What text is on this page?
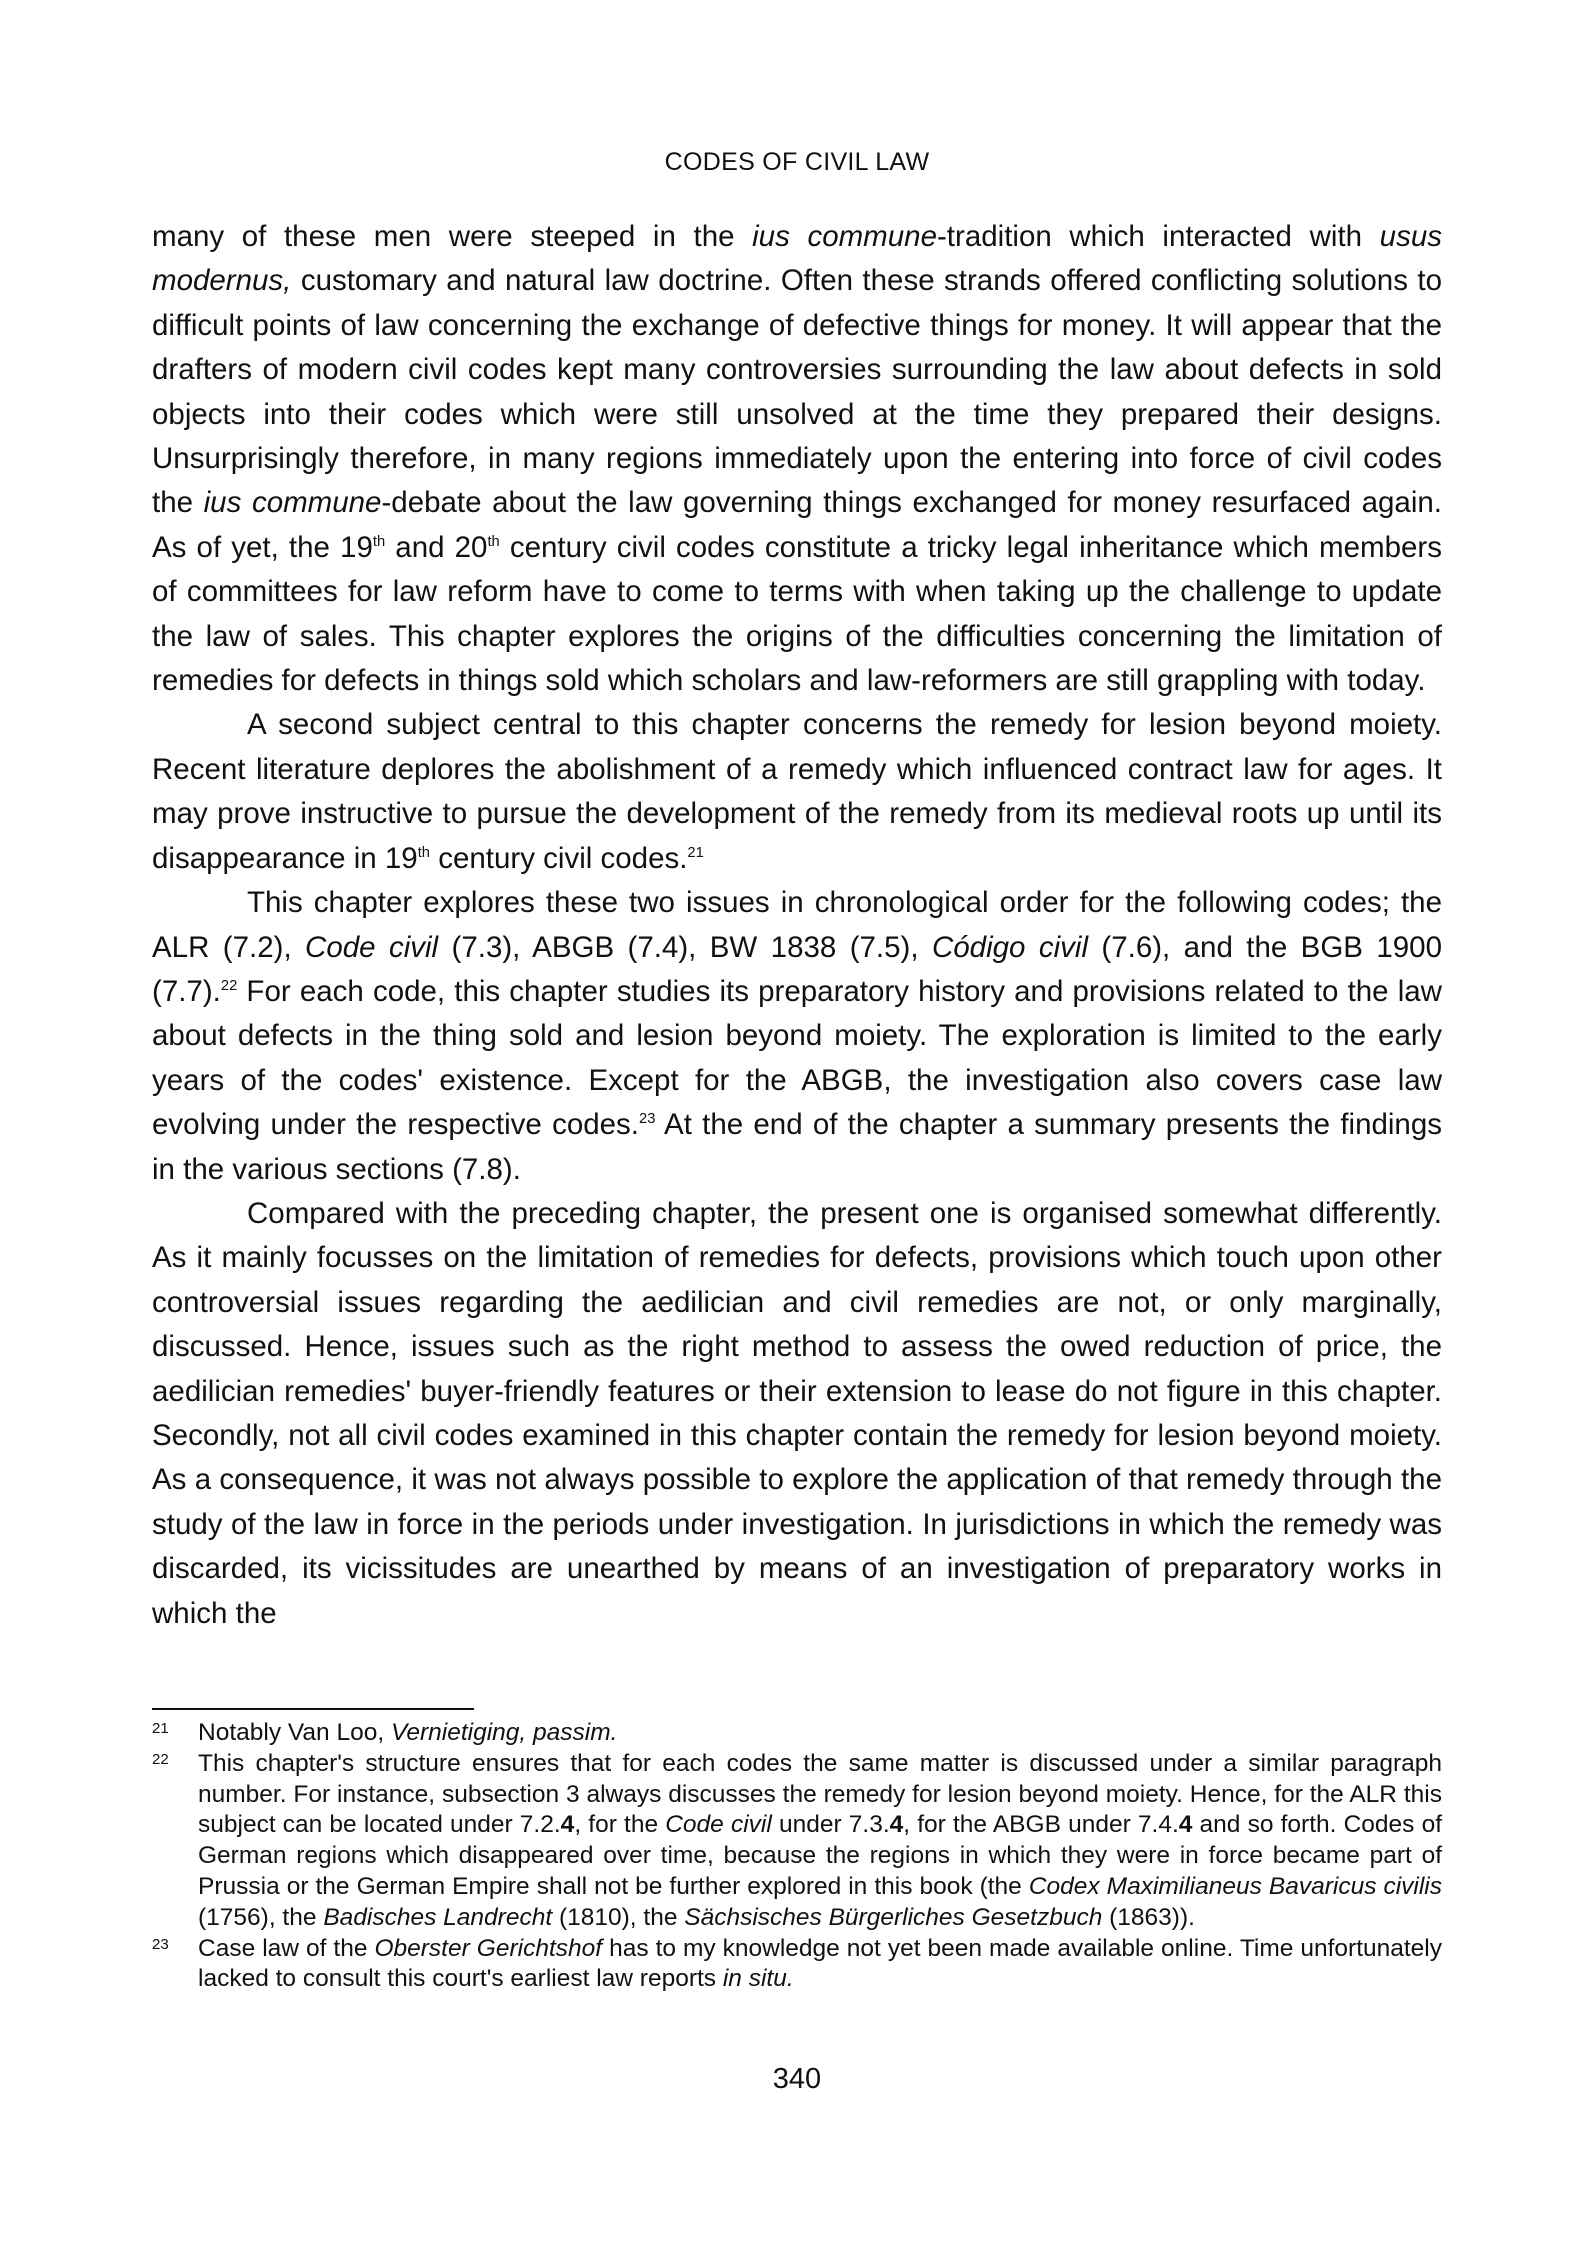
CODES OF CIVIL LAW

many of these men were steeped in the ius commune-tradition which interacted with usus modernus, customary and natural law doctrine. Often these strands offered conflicting solutions to difficult points of law concerning the exchange of defective things for money. It will appear that the drafters of modern civil codes kept many controversies surrounding the law about defects in sold objects into their codes which were still unsolved at the time they prepared their designs. Unsurprisingly therefore, in many regions immediately upon the entering into force of civil codes the ius commune-debate about the law governing things exchanged for money resurfaced again. As of yet, the 19th and 20th century civil codes constitute a tricky legal inheritance which members of committees for law reform have to come to terms with when taking up the challenge to update the law of sales. This chapter explores the origins of the difficulties concerning the limitation of remedies for defects in things sold which scholars and law-reformers are still grappling with today.

A second subject central to this chapter concerns the remedy for lesion beyond moiety. Recent literature deplores the abolishment of a remedy which influenced contract law for ages. It may prove instructive to pursue the development of the remedy from its medieval roots up until its disappearance in 19th century civil codes.$^{21}$

This chapter explores these two issues in chronological order for the following codes; the ALR (7.2), Code civil (7.3), ABGB (7.4), BW 1838 (7.5), Código civil (7.6), and the BGB 1900 (7.7).$^{22}$ For each code, this chapter studies its preparatory history and provisions related to the law about defects in the thing sold and lesion beyond moiety. The exploration is limited to the early years of the codes' existence. Except for the ABGB, the investigation also covers case law evolving under the respective codes.$^{23}$ At the end of the chapter a summary presents the findings in the various sections (7.8).

Compared with the preceding chapter, the present one is organised somewhat differently. As it mainly focusses on the limitation of remedies for defects, provisions which touch upon other controversial issues regarding the aedilician and civil remedies are not, or only marginally, discussed. Hence, issues such as the right method to assess the owed reduction of price, the aedilician remedies' buyer-friendly features or their extension to lease do not figure in this chapter. Secondly, not all civil codes examined in this chapter contain the remedy for lesion beyond moiety. As a consequence, it was not always possible to explore the application of that remedy through the study of the law in force in the periods under investigation. In jurisdictions in which the remedy was discarded, its vicissitudes are unearthed by means of an investigation of preparatory works in which the

21	Notably Van Loo, Vernietiging, passim.
22	This chapter's structure ensures that for each codes the same matter is discussed under a similar paragraph number. For instance, subsection 3 always discusses the remedy for lesion beyond moiety. Hence, for the ALR this subject can be located under 7.2.4, for the Code civil under 7.3.4, for the ABGB under 7.4.4 and so forth. Codes of German regions which disappeared over time, because the regions in which they were in force became part of Prussia or the German Empire shall not be further explored in this book (the Codex Maximilianeus Bavaricus civilis (1756), the Badisches Landrecht (1810), the Sächsisches Bürgerliches Gesetzbuch (1863)).
23	Case law of the Oberster Gerichtshof has to my knowledge not yet been made available online. Time unfortunately lacked to consult this court's earliest law reports in situ.
340
